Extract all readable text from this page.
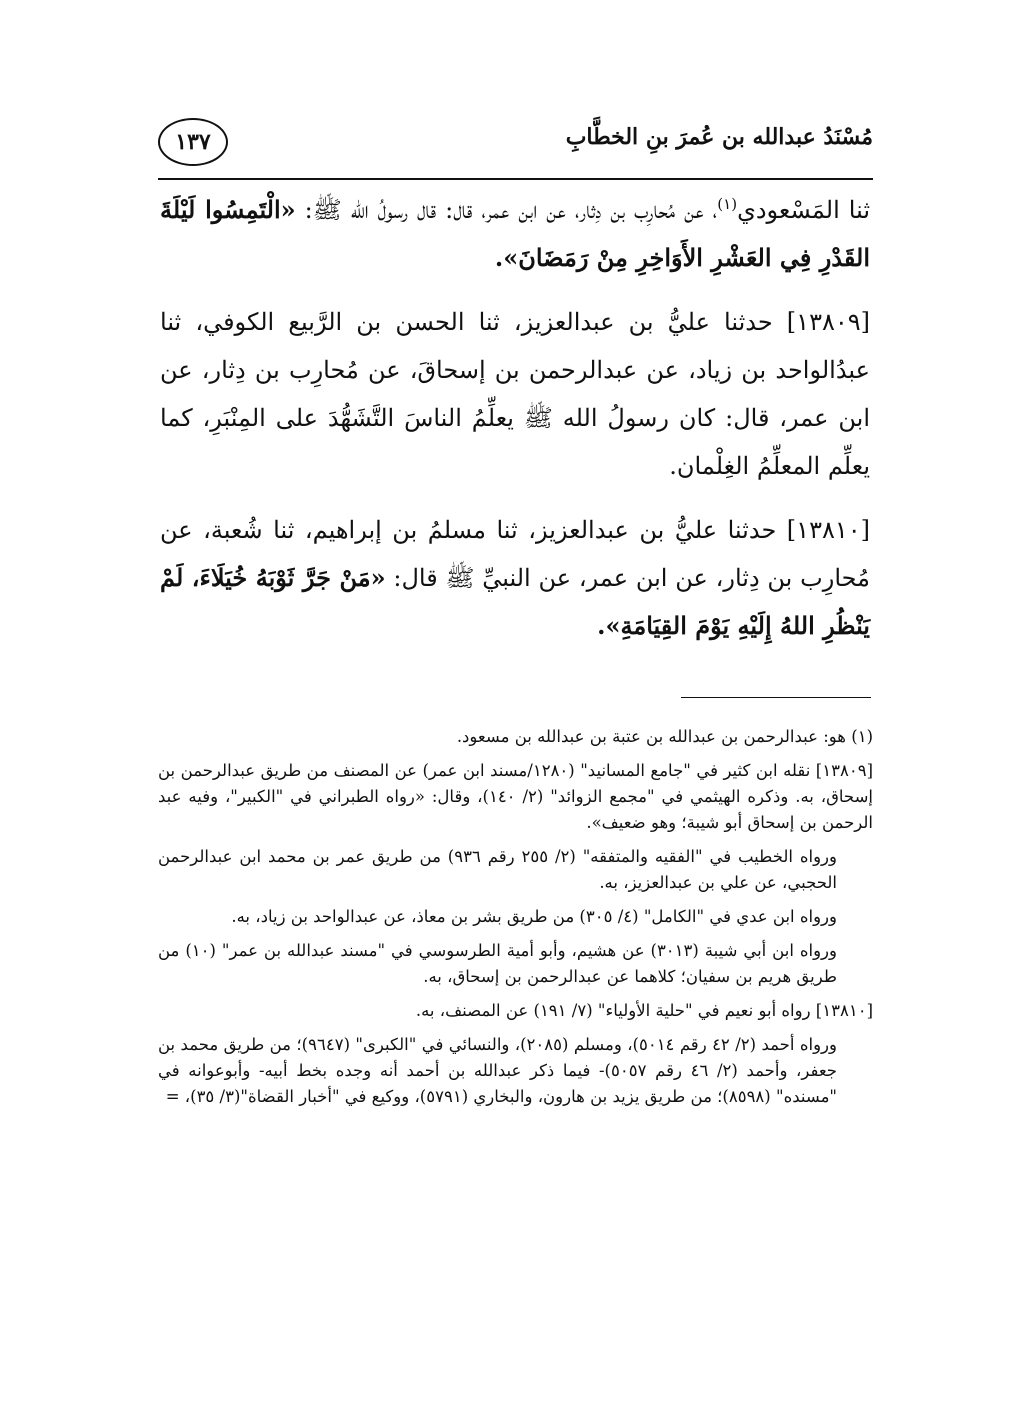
مُسْنَدُ عبدالله بن عُمرَ بنِ الخطَّابِ
١٣٧

ثنا المَسْعودي$^{(١)}$، عن مُحارِب بن دِثار، عن ابن عمر، قال: قال رسولُ الله ﷺ: «الْتَمِسُوا لَيْلَةَ القَدْرِ فِي العَشْرِ الأَوَاخِرِ مِنْ رَمَضَانَ».

[١٣٨٠٩] حدثنا عليُّ بن عبدالعزيز، ثنا الحسن بن الرَّبيع الكوفي، ثنا عبدُالواحد بن زياد، عن عبدالرحمن بن إسحاقَ، عن مُحارِب بن دِثار، عن ابن عمر، قال: كان رسولُ الله ﷺ يعلِّمُ الناسَ التَّشَهُّدَ على المِنْبَرِ، كما يعلِّم المعلِّمُ الغِلْمان.

[١٣٨١٠] حدثنا عليُّ بن عبدالعزيز، ثنا مسلمُ بن إبراهيم، ثنا شُعبة، عن مُحارِب بن دِثار، عن ابن عمر، عن النبيِّ ﷺ قال: «مَنْ جَرَّ ثَوْبَهُ خُيَلَاءَ، لَمْ يَنْظُرِ اللهُ إِلَيْهِ يَوْمَ القِيَامَةِ».

(١) هو: عبدالرحمن بن عبدالله بن عتبة بن عبدالله بن مسعود.

[١٣٨٠٩] نقله ابن كثير في "جامع المسانيد" (١٢٨٠/مسند ابن عمر) عن المصنف من طريق عبدالرحمن بن إسحاق، به. وذكره الهيثمي في "مجمع الزوائد" (٢/ ١٤٠)، وقال: «رواه الطبراني في "الكبير"، وفيه عبد الرحمن بن إسحاق أبو شيبة؛ وهو ضعيف».

ورواه الخطيب في "الفقيه والمتفقه" (٢/ ٢٥٥ رقم ٩٣٦) من طريق عمر بن محمد ابن عبدالرحمن الحجبي، عن علي بن عبدالعزيز، به.

ورواه ابن عدي في "الكامل" (٤/ ٣٠٥) من طريق بشر بن معاذ، عن عبدالواحد بن زياد، به.

ورواه ابن أبي شيبة (٣٠١٣) عن هشيم، وأبو أمية الطرسوسي في "مسند عبدالله بن عمر" (١٠) من طريق هريم بن سفيان؛ كلاهما عن عبدالرحمن بن إسحاق، به.

[١٣٨١٠] رواه أبو نعيم في "حلية الأولياء" (٧/ ١٩١) عن المصنف، به.

ورواه أحمد (٢/ ٤٢ رقم ٥٠١٤)، ومسلم (٢٠٨٥)، والنسائي في "الكبرى" (٩٦٤٧)؛ من طريق محمد بن جعفر، وأحمد (٢/ ٤٦ رقم ٥٠٥٧)- فيما ذكر عبدالله بن أحمد أنه وجده بخط أبيه- وأبوعوانه في "مسنده" (٨٥٩٨)؛ من طريق يزيد بن هارون، والبخاري (٥٧٩١)، ووكيع في "أخبار القضاة"(٣/ ٣٥)، =
